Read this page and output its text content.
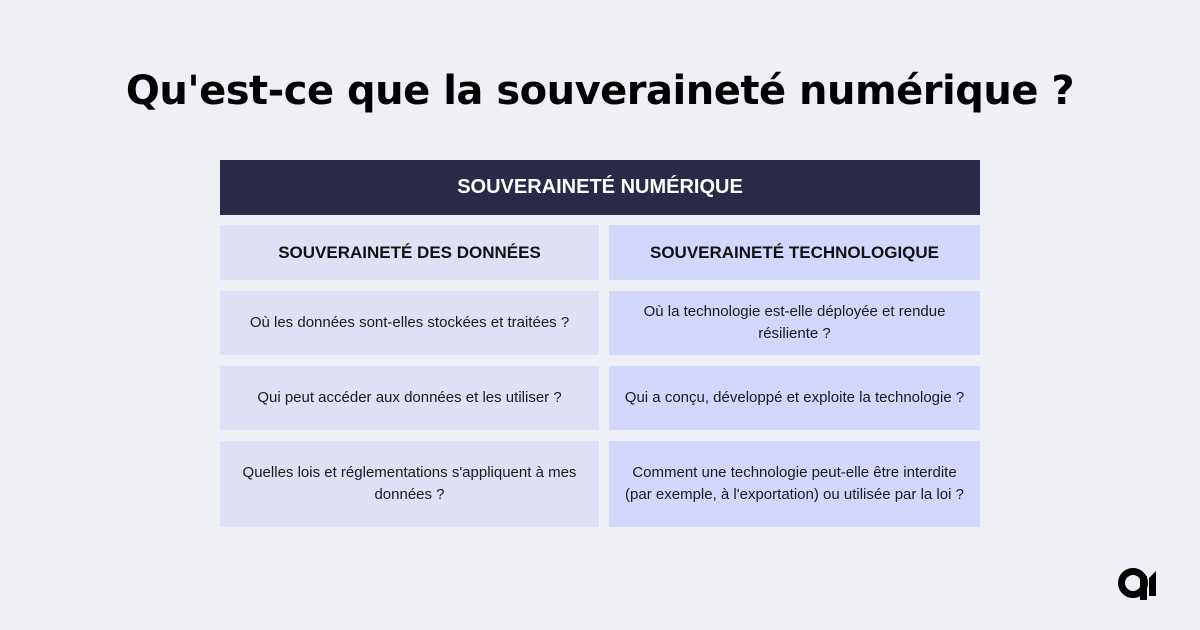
Qu'est-ce que la souveraineté numérique ?
SOUVERAINETÉ NUMÉRIQUE
SOUVERAINETÉ DES DONNÉES	SOUVERAINETÉ TECHNOLOGIQUE
Où les données sont-elles stockées et traitées ?
Où la technologie est-elle déployée et rendue résiliente ?
Qui peut accéder aux données et les utiliser ?	Qui a conçu, développé et exploite la technologie ?
Quelles lois et réglementations s'appliquent à mes données ?
Comment une technologie peut-elle être interdite (par exemple, à l'exportation) ou utilisée par la loi ?
